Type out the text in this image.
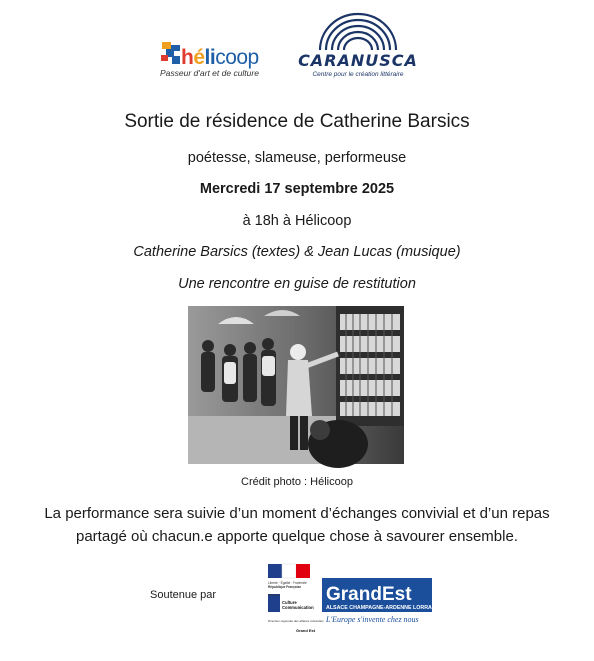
hélicoop
Passeur d'art et de culture
CARANUSCA
Centre pour le création littéraire
Sortie de résidence de Catherine Barsics
poétesse, slameuse, performeuse
Mercredi 17 septembre 2025
à 18h à Hélicoop
Catherine Barsics (textes) & Jean Lucas (musique)
Une rencontre en guise de restitution
Crédit photo : Hélicoop
La performance sera suivie d’un moment d’échanges convivial et d’un repas partagé où chacun.e apporte quelque chose à savourer ensemble.
Soutenue par
Liberté · Égalité · Fraternité
République Française
Ministère
Culture
Communication
Direction régionale des affaires culturelles
Grand Est
GrandEst
ALSACE CHAMPAGNE-ARDENNE LORRAINE
L'Europe s'invente chez nous
